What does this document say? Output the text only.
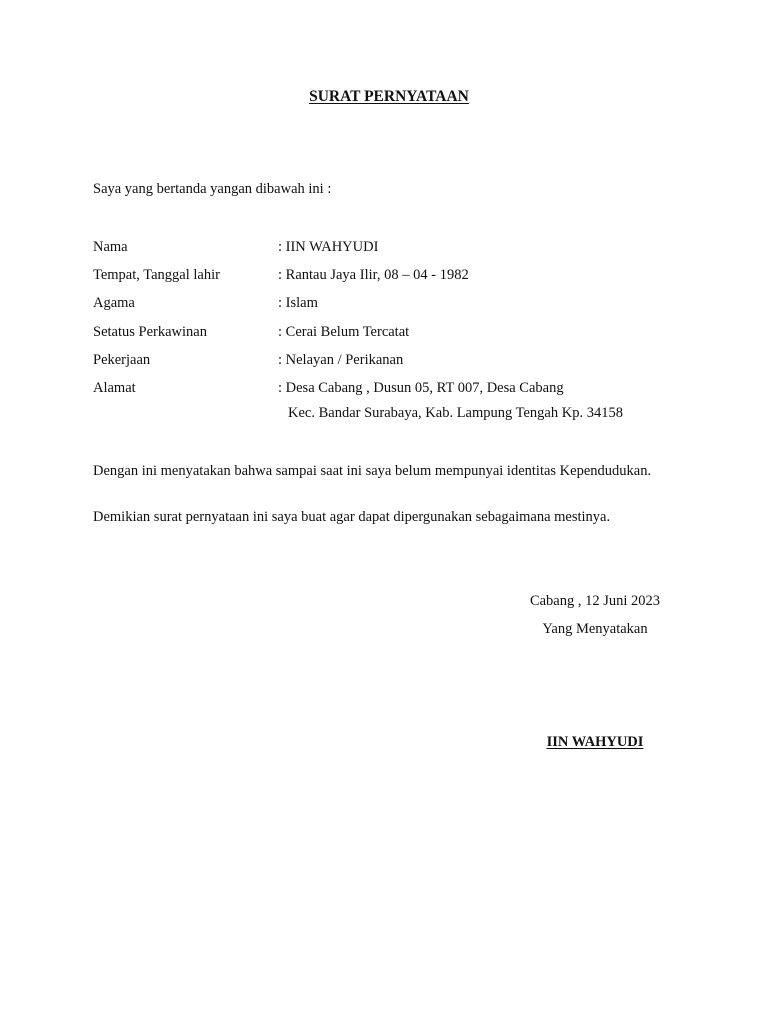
SURAT PERNYATAAN
Saya yang bertanda yangan dibawah ini :
Nama	: IIN WAHYUDI
Tempat, Tanggal lahir	: Rantau Jaya Ilir, 08 – 04 - 1982
Agama	: Islam
Setatus Perkawinan	: Cerai Belum Tercatat
Pekerjaan	: Nelayan / Perikanan
Alamat	: Desa Cabang , Dusun 05, RT 007, Desa Cabang
Kec. Bandar Surabaya, Kab. Lampung Tengah Kp. 34158
Dengan ini menyatakan bahwa sampai saat ini saya belum mempunyai identitas Kependudukan.
Demikian surat pernyataan ini saya buat agar dapat dipergunakan sebagaimana mestinya.
Cabang , 12 Juni 2023
Yang Menyatakan
IIN WAHYUDI
